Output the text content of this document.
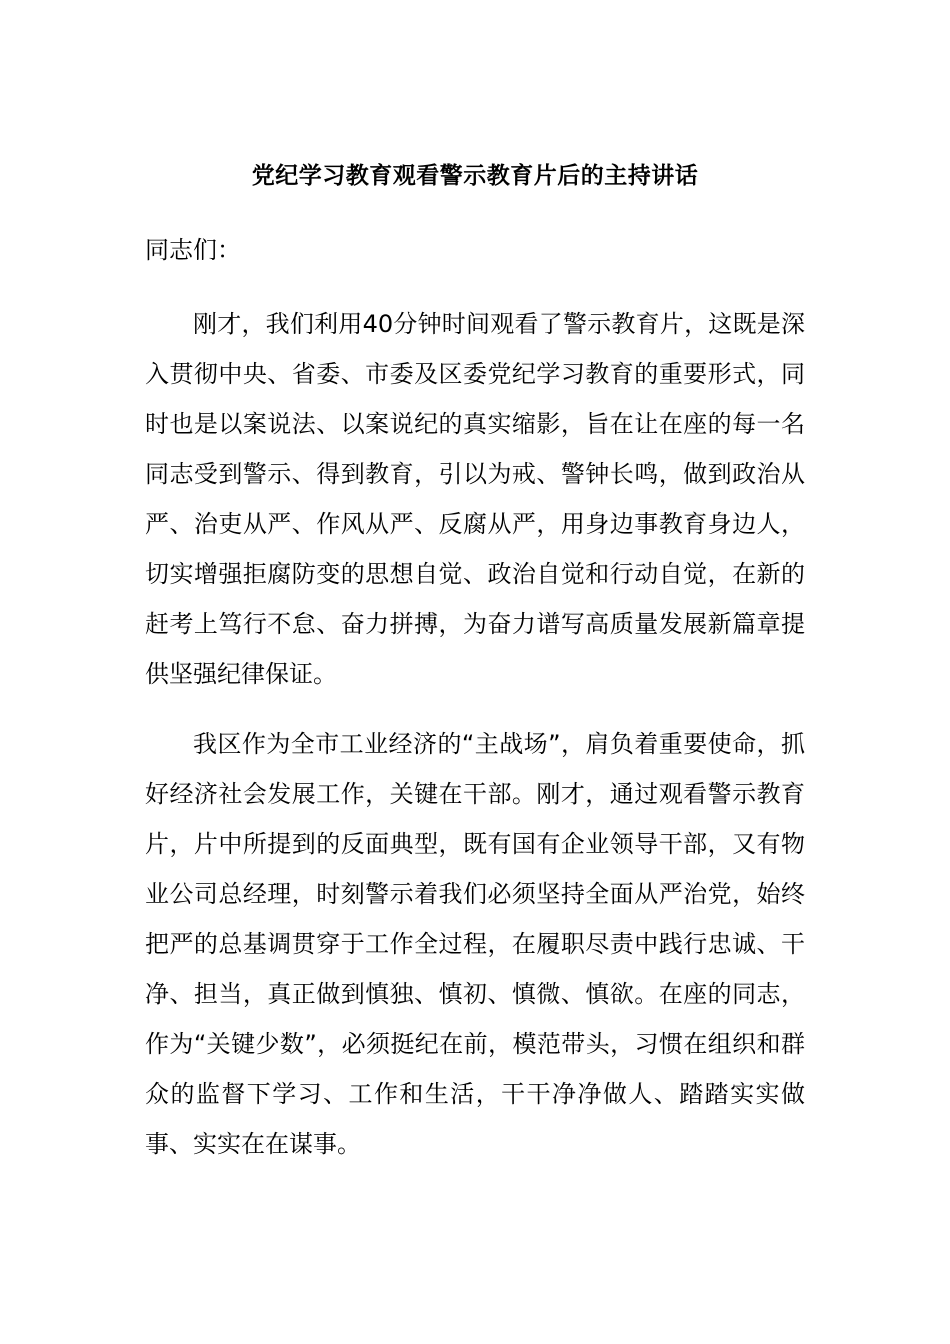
党纪学习教育观看警示教育片后的主持讲话
同志们：

刚才，我们利用40分钟时间观看了警示教育片，这既是深入贯彻中央、省委、市委及区委党纪学习教育的重要形式，同时也是以案说法、以案说纪的真实缩影，旨在让在座的每一名同志受到警示、得到教育，引以为戒、警钟长鸣，做到政治从严、治吏从严、作风从严、反腐从严，用身边事教育身边人，切实增强拒腐防变的思想自觉、政治自觉和行动自觉，在新的赶考上笃行不怠、奋力拼搏，为奋力谱写高质量发展新篇章提供坚强纪律保证。

我区作为全市工业经济的“主战场”，肩负着重要使命，抓好经济社会发展工作，关键在干部。刚才，通过观看警示教育片，片中所提到的反面典型，既有国有企业领导干部，又有物业公司总经理，时刻警示着我们必须坚持全面从严治党，始终把严的总基调贯穿于工作全过程，在履职尽责中践行忠诚、干净、担当，真正做到慎独、慎初、慎微、慎欲。在座的同志，作为“关键少数”，必须挺纪在前，模范带头，习惯在组织和群众的监督下学习、工作和生活，干干净净做人、踏踏实实做事、实实在在谋事。
